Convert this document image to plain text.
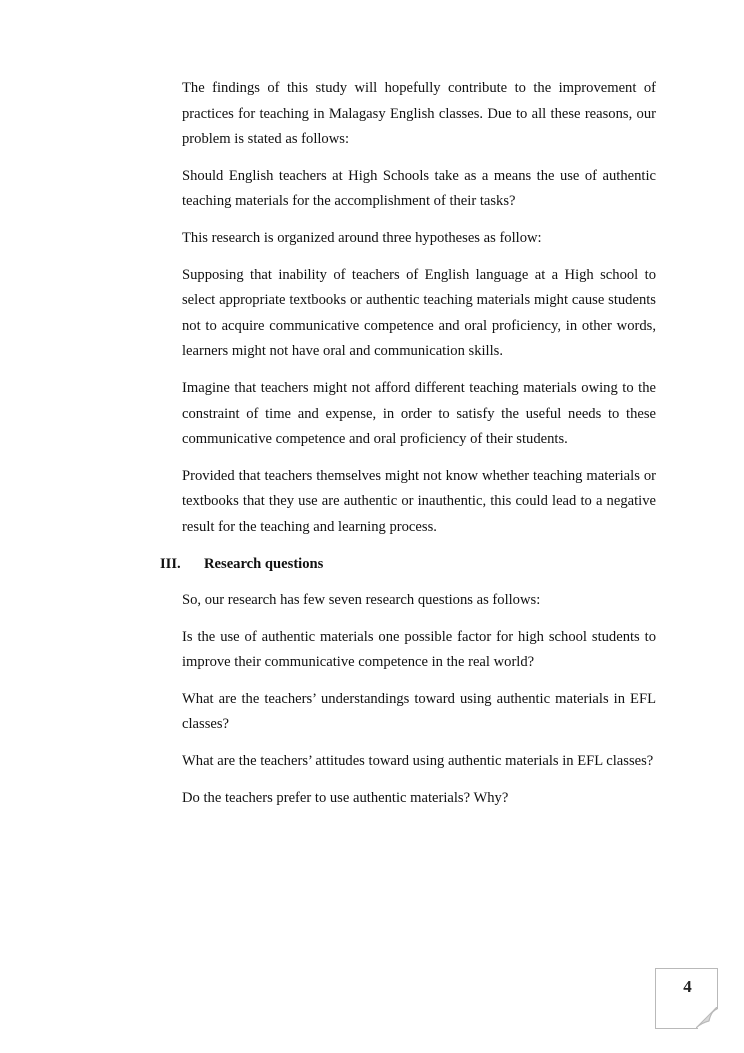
The findings of this study will hopefully contribute to the improvement of practices for teaching in Malagasy English classes. Due to all these reasons, our problem is stated as follows:

Should English teachers at High Schools take as a means the use of authentic teaching materials for the accomplishment of their tasks?

This research is organized around three hypotheses as follow:

Supposing that inability of teachers of English language at a High school to select appropriate textbooks or authentic teaching materials might cause students not to acquire communicative competence and oral proficiency, in other words, learners might not have oral and communication skills.

Imagine that teachers might not afford different teaching materials owing to the constraint of time and expense, in order to satisfy the useful needs to these communicative competence and oral proficiency of their students.

Provided that teachers themselves might not know whether teaching materials or textbooks that they use are authentic or inauthentic, this could lead to a negative result for the teaching and learning process.

III. Research questions

So, our research has few seven research questions as follows:

Is the use of authentic materials one possible factor for high school students to improve their communicative competence in the real world?

What are the teachers’ understandings toward using authentic materials in EFL classes?

What are the teachers’ attitudes toward using authentic materials in EFL classes?

Do the teachers prefer to use authentic materials? Why?

4
